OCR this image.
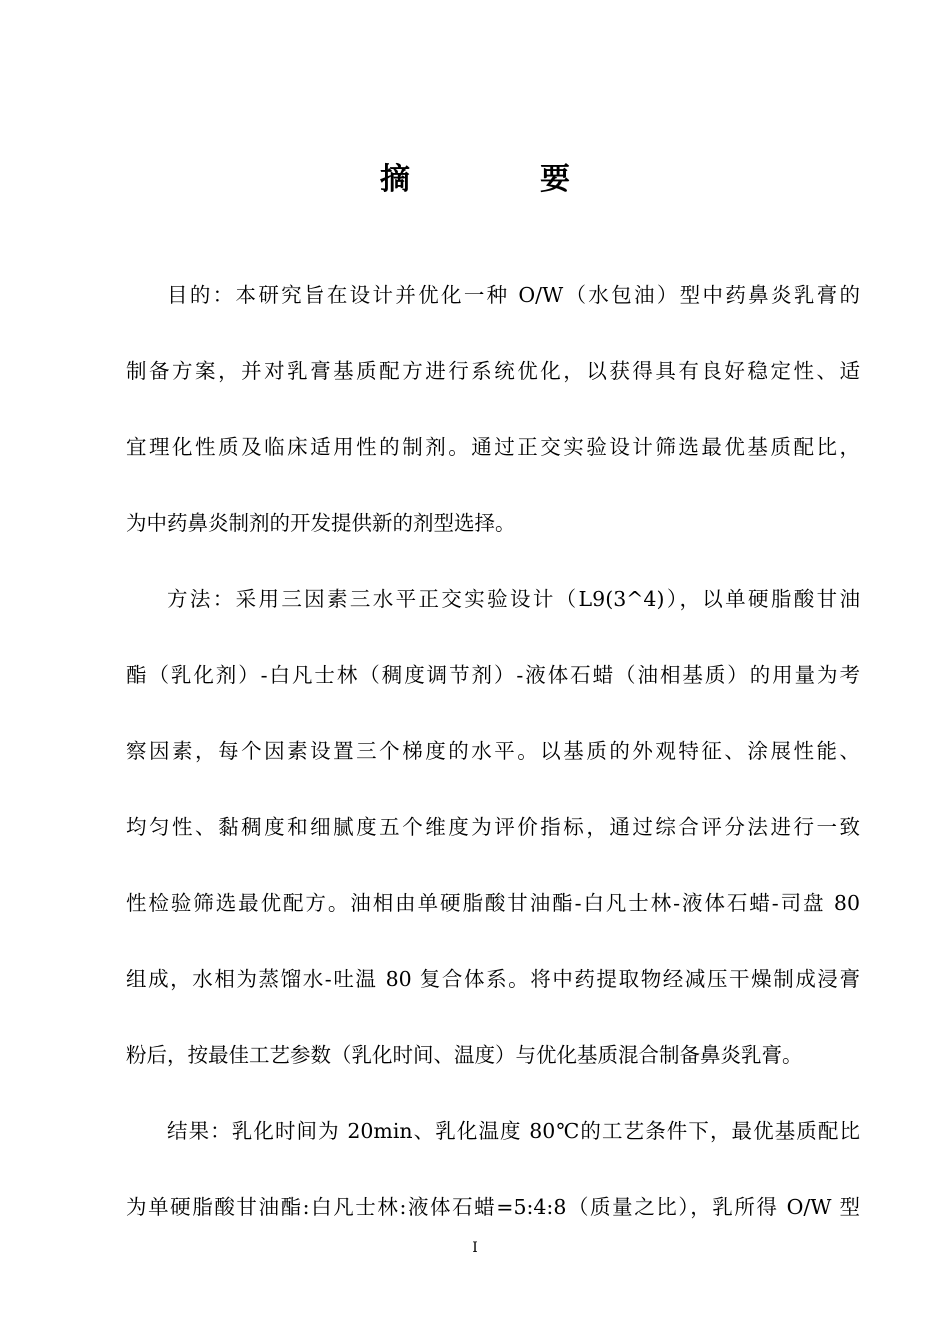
摘　要
目的：本研究旨在设计并优化一种 O/W（水包油）型中药鼻炎乳膏的
制备方案，并对乳膏基质配方进行系统优化，以获得具有良好稳定性、适
宜理化性质及临床适用性的制剂。通过正交实验设计筛选最优基质配比，
为中药鼻炎制剂的开发提供新的剂型选择。
方法：采用三因素三水平正交实验设计（L9(3^4)），以单硬脂酸甘油
酯（乳化剂）-白凡士林（稠度调节剂）-液体石蜡（油相基质）的用量为考
察因素，每个因素设置三个梯度的水平。以基质的外观特征、涂展性能、
均匀性、黏稠度和细腻度五个维度为评价指标，通过综合评分法进行一致
性检验筛选最优配方。油相由单硬脂酸甘油酯-白凡士林-液体石蜡-司盘 80
组成，水相为蒸馏水-吐温 80 复合体系。将中药提取物经减压干燥制成浸膏
粉后，按最佳工艺参数（乳化时间、温度）与优化基质混合制备鼻炎乳膏。
结果：乳化时间为 20min、乳化温度 80℃的工艺条件下，最优基质配比
为单硬脂酸甘油酯:白凡士林:液体石蜡=5:4:8（质量之比），乳所得 O/W 型
I
